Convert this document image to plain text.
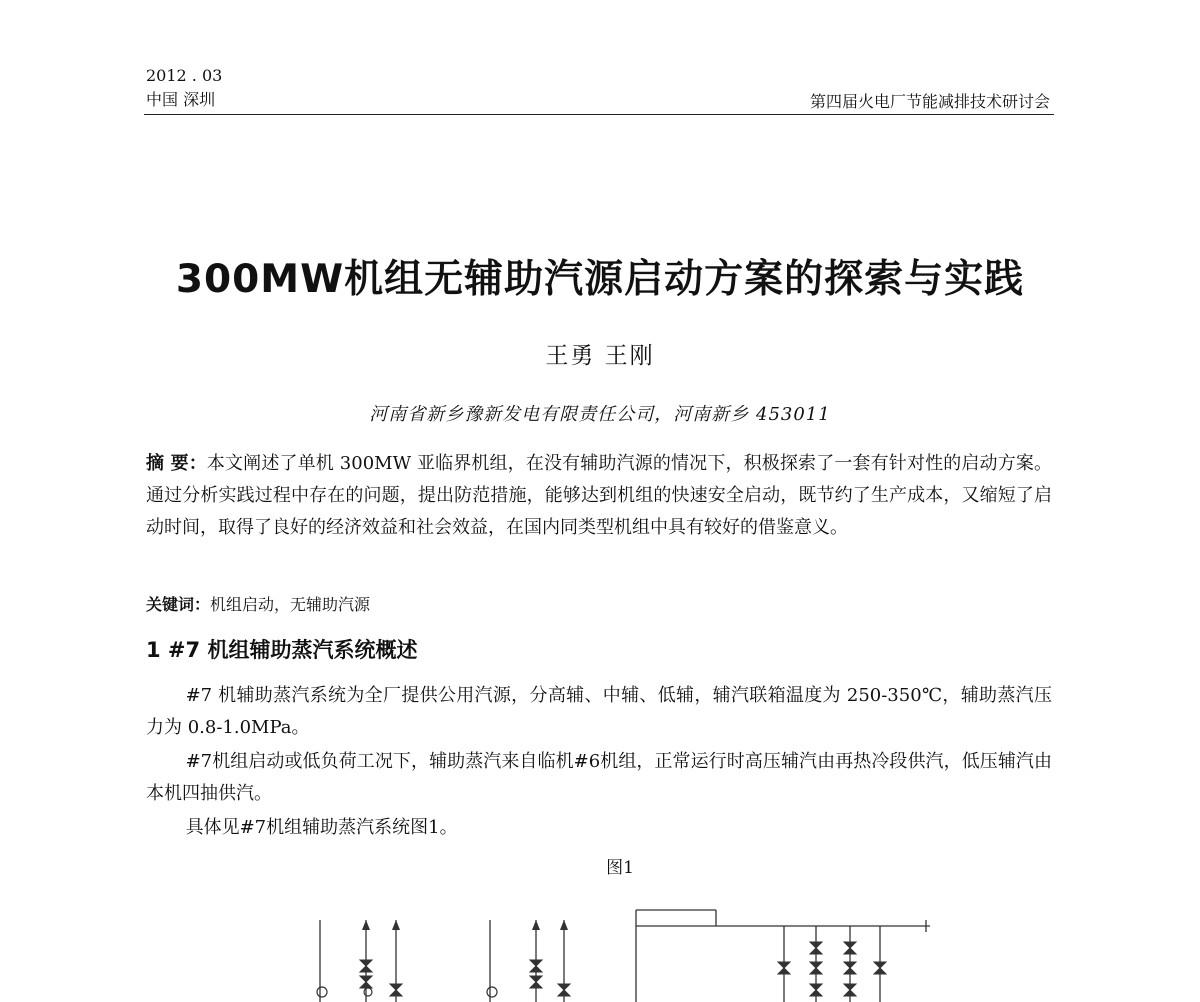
2012 . 03
中国 深圳	第四届火电厂节能减排技术研讨会
300MW机组无辅助汽源启动方案的探索与实践
王勇 王刚
河南省新乡豫新发电有限责任公司，河南新乡 453011
摘 要：本文阐述了单机 300MW 亚临界机组，在没有辅助汽源的情况下，积极探索了一套有针对性的启动方案。通过分析实践过程中存在的问题，提出防范措施，能够达到机组的快速安全启动，既节约了生产成本，又缩短了启动时间，取得了良好的经济效益和社会效益，在国内同类型机组中具有较好的借鉴意义。
关键词：机组启动，无辅助汽源
1 #7 机组辅助蒸汽系统概述
#7 机辅助蒸汽系统为全厂提供公用汽源，分高辅、中辅、低辅，辅汽联箱温度为 250-350℃，辅助蒸汽压力为 0.8-1.0MPa。
#7机组启动或低负荷工况下，辅助蒸汽来自临机#6机组，正常运行时高压辅汽由再热冷段供汽，低压辅汽由本机四抽供汽。
具体见#7机组辅助蒸汽系统图1。
图1
